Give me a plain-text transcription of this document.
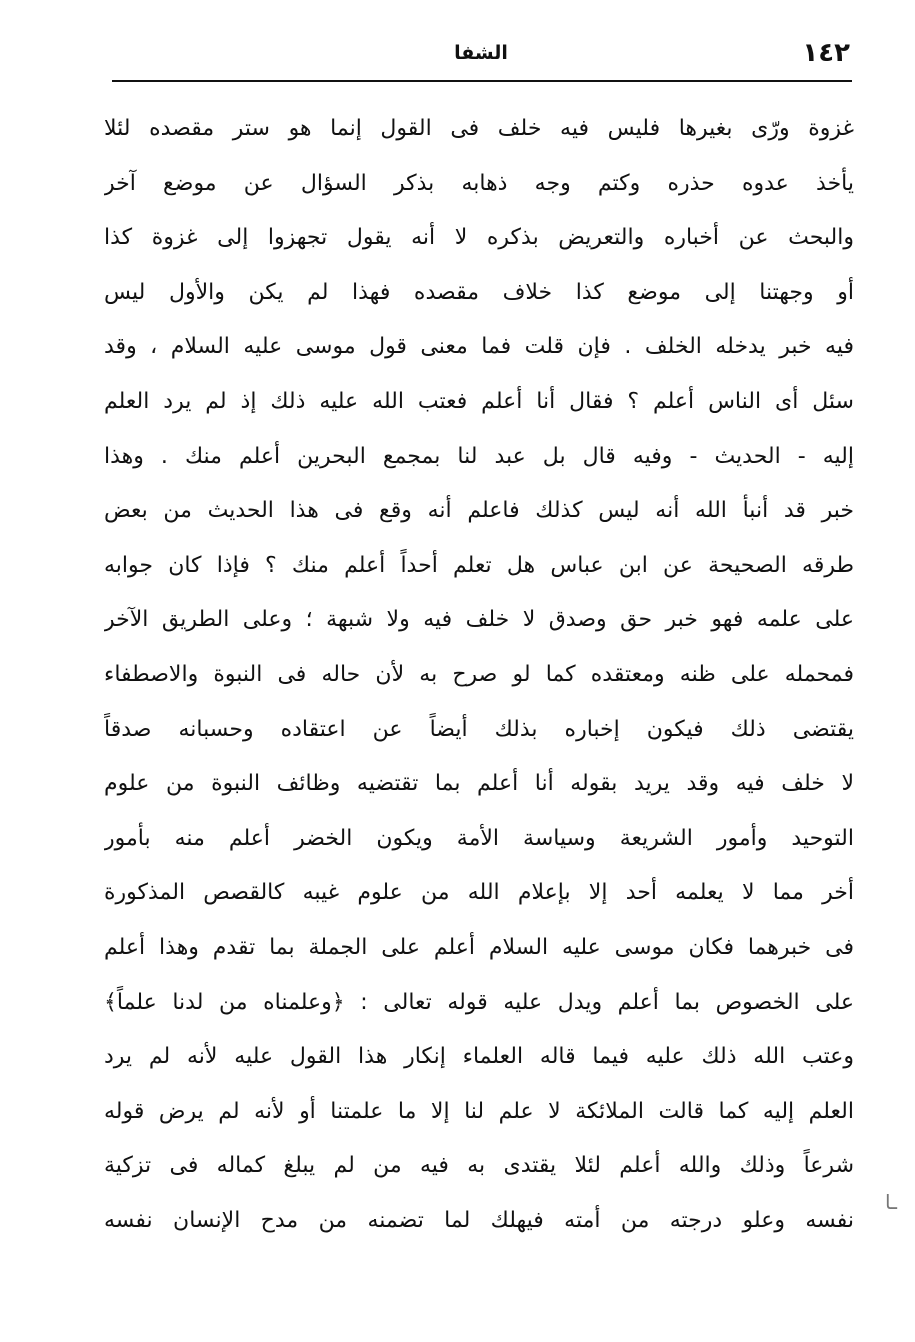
١٤٢
الشفا
غزوة ورّى بغيرها فليس فيه خلف فى القول إنما هو ستر مقصده لئلا
يأخذ عدوه حذره وكتم وجه ذهابه بذكر السؤال عن موضع آخر
والبحث عن أخباره والتعريض بذكره لا أنه يقول تجهزوا إلى غزوة كذا
أو وجهتنا إلى موضع كذا خلاف مقصده فهذا لم يكن والأول ليس
فيه خبر يدخله الخلف . فإن قلت فما معنى قول موسى عليه السلام ، وقد
سئل أى الناس أعلم ؟ فقال أنا أعلم فعتب الله عليه ذلك إذ لم يرد العلم
إليه - الحديث - وفيه قال بل عبد لنا بمجمع البحرين أعلم منك . وهذا
خبر قد أنبأ الله أنه ليس كذلك فاعلم أنه وقع فى هذا الحديث من بعض
طرقه الصحيحة عن ابن عباس هل تعلم أحداً أعلم منك ؟ فإذا كان جوابه
على علمه فهو خبر حق وصدق لا خلف فيه ولا شبهة ؛ وعلى الطريق الآخر
فمحمله على ظنه ومعتقده كما لو صرح به لأن حاله فى النبوة والاصطفاء
يقتضى ذلك فيكون إخباره بذلك أيضاً عن اعتقاده وحسبانه صدقاً
لا خلف فيه وقد يريد بقوله أنا أعلم بما تقتضيه وظائف النبوة من علوم
التوحيد وأمور الشريعة وسياسة الأمة ويكون الخضر أعلم منه بأمور
أخر مما لا يعلمه أحد إلا بإعلام الله من علوم غيبه كالقصص المذكورة
فى خبرهما فكان موسى عليه السلام أعلم على الجملة بما تقدم وهذا أعلم
على الخصوص بما أعلم ويدل عليه قوله تعالى : ﴿وعلمناه من لدنا علماً﴾
وعتب الله ذلك عليه فيما قاله العلماء إنكار هذا القول عليه لأنه لم يرد
العلم إليه كما قالت الملائكة لا علم لنا إلا ما علمتنا أو لأنه لم يرض قوله
شرعاً وذلك والله أعلم لئلا يقتدى به فيه من لم يبلغ كماله فى تزكية
نفسه وعلو درجته من أمته فيهلك لما تضمنه من مدح الإنسان نفسه
ـا
